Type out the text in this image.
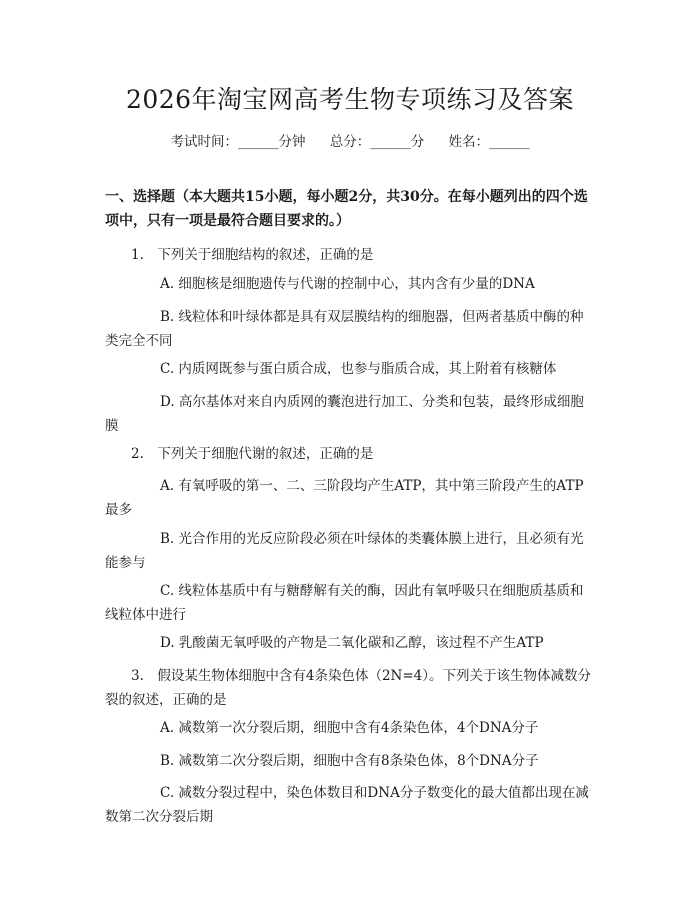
2026年淘宝网高考生物专项练习及答案
考试时间：______分钟 总分：______分 姓名：______
一、选择题（本大题共15小题，每小题2分，共30分。在每小题列出的四个选项中，只有一项是最符合题目要求的。）
1.　下列关于细胞结构的叙述，正确的是
A. 细胞核是细胞遗传与代谢的控制中心，其内含有少量的DNA
B. 线粒体和叶绿体都是具有双层膜结构的细胞器，但两者基质中酶的种类完全不同
C. 内质网既参与蛋白质合成，也参与脂质合成，其上附着有核糖体
D. 高尔基体对来自内质网的囊泡进行加工、分类和包装，最终形成细胞膜
2.　下列关于细胞代谢的叙述，正确的是
A. 有氧呼吸的第一、二、三阶段均产生ATP，其中第三阶段产生的ATP最多
B. 光合作用的光反应阶段必须在叶绿体的类囊体膜上进行，且必须有光能参与
C. 线粒体基质中有与糖酵解有关的酶，因此有氧呼吸只在细胞质基质和线粒体中进行
D. 乳酸菌无氧呼吸的产物是二氧化碳和乙醇，该过程不产生ATP
3.　假设某生物体细胞中含有4条染色体（2N=4）。下列关于该生物体减数分裂的叙述，正确的是
A. 减数第一次分裂后期，细胞中含有4条染色体，4个DNA分子
B. 减数第二次分裂后期，细胞中含有8条染色体，8个DNA分子
C. 减数分裂过程中，染色体数目和DNA分子数变化的最大值都出现在减数第二次分裂后期
